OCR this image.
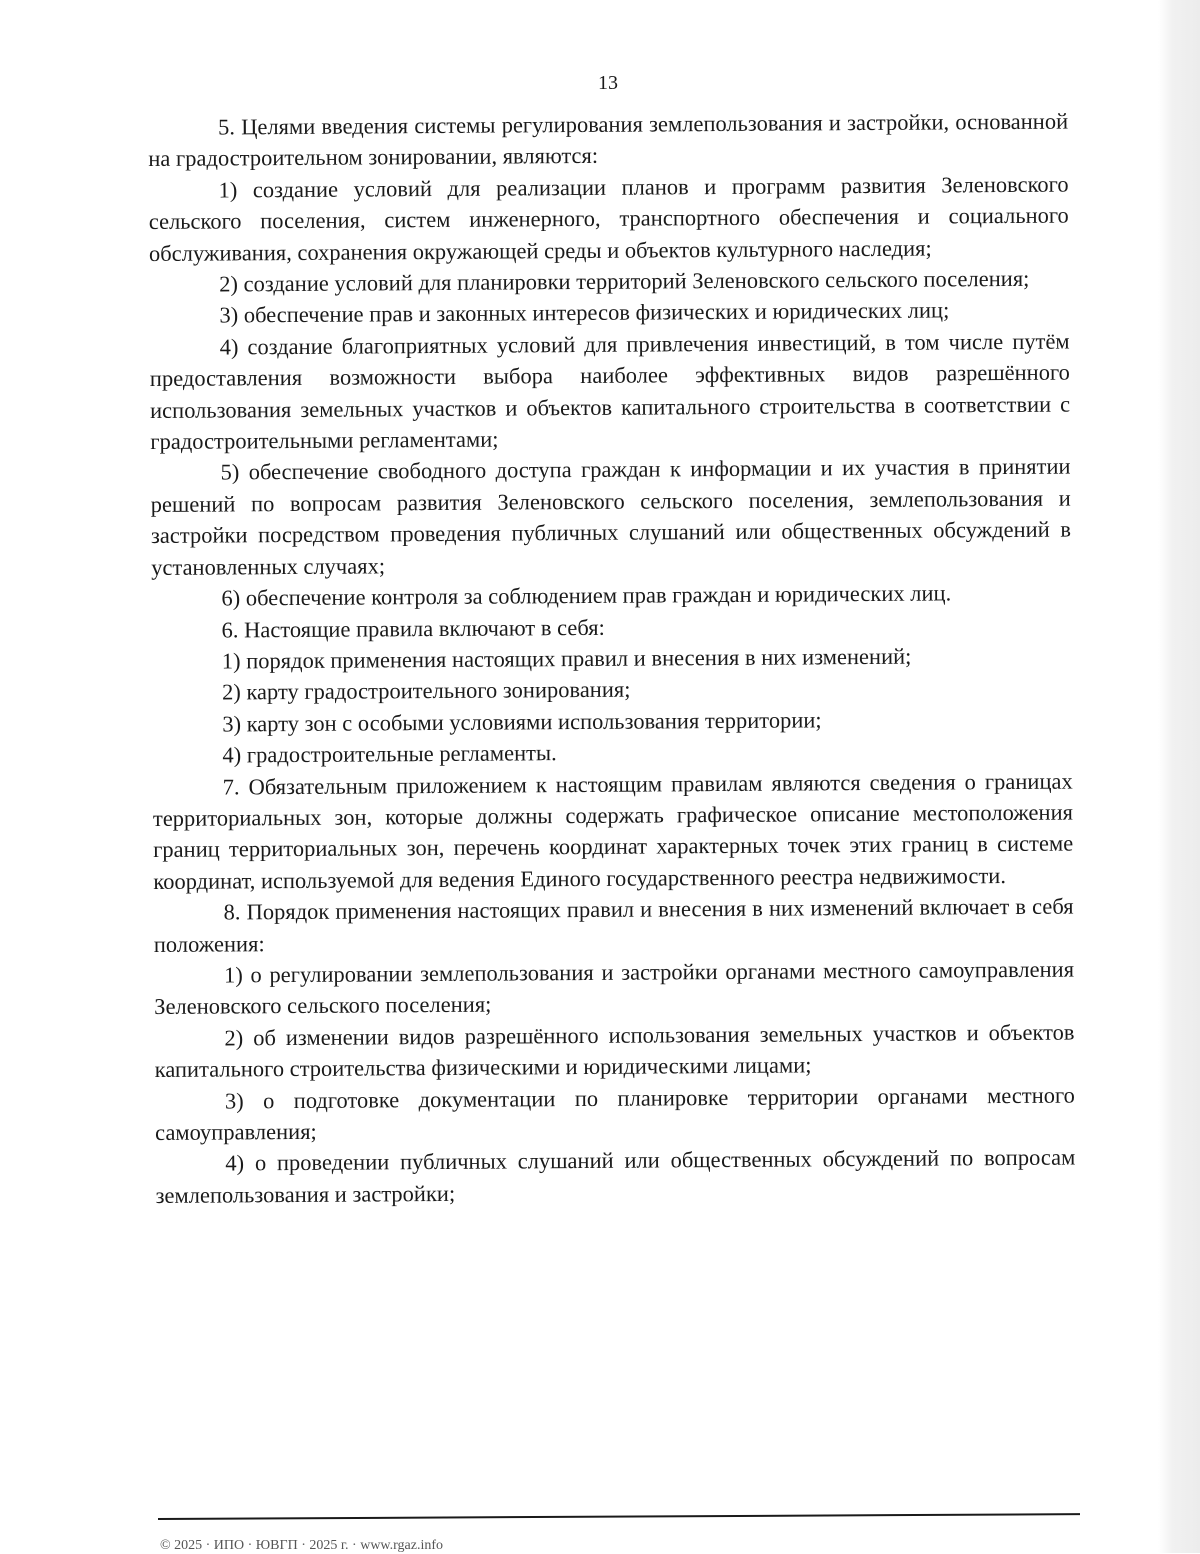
13

5. Целями введения системы регулирования землепользования и застройки, основанной на градостроительном зонировании, являются:

1) создание условий для реализации планов и программ развития Зеленовского сельского поселения, систем инженерного, транспортного обеспечения и социального обслуживания, сохранения окружающей среды и объектов культурного наследия;

2) создание условий для планировки территорий Зеленовского сельского поселения;

3) обеспечение прав и законных интересов физических и юридических лиц;

4) создание благоприятных условий для привлечения инвестиций, в том числе путём предоставления возможности выбора наиболее эффективных видов разрешённого использования земельных участков и объектов капитального строительства в соответствии с градостроительными регламентами;

5) обеспечение свободного доступа граждан к информации и их участия в принятии решений по вопросам развития Зеленовского сельского поселения, землепользования и застройки посредством проведения публичных слушаний или общественных обсуждений в установленных случаях;

6) обеспечение контроля за соблюдением прав граждан и юридических лиц.

6. Настоящие правила включают в себя:

1) порядок применения настоящих правил и внесения в них изменений;

2) карту градостроительного зонирования;

3) карту зон с особыми условиями использования территории;

4) градостроительные регламенты.

7. Обязательным приложением к настоящим правилам являются сведения о границах территориальных зон, которые должны содержать графическое описание местоположения границ территориальных зон, перечень координат характерных точек этих границ в системе координат, используемой для ведения Единого государственного реестра недвижимости.

8. Порядок применения настоящих правил и внесения в них изменений включает в себя положения:

1) о регулировании землепользования и застройки органами местного самоуправления Зеленовского сельского поселения;

2) об изменении видов разрешённого использования земельных участков и объектов капитального строительства физическими и юридическими лицами;

3) о подготовке документации по планировке территории органами местного самоуправления;

4) о проведении публичных слушаний или общественных обсуждений по вопросам землепользования и застройки;

© 2025 · ИПО · ЮВГП · 2025 г. · www.rgaz.info
